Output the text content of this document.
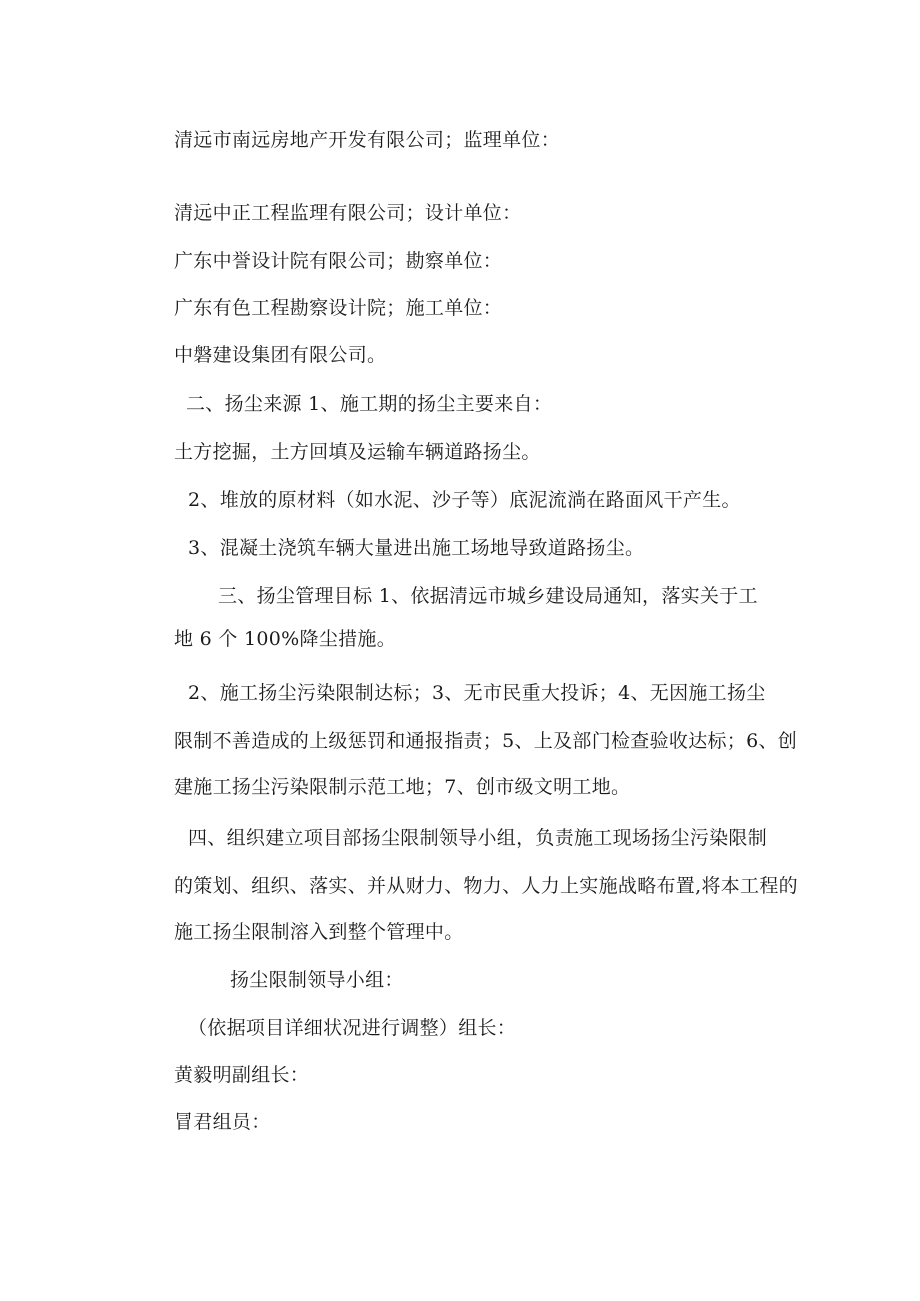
清远市南远房地产开发有限公司；监理单位：

清远中正工程监理有限公司；设计单位：

广东中誉设计院有限公司；勘察单位：

广东有色工程勘察设计院；施工单位：

中磐建设集团有限公司。

二、扬尘来源 1、施工期的扬尘主要来自：

土方挖掘，土方回填及运输车辆道路扬尘。

2、堆放的原材料（如水泥、沙子等）底泥流淌在路面风干产生。

3、混凝土浇筑车辆大量进出施工场地导致道路扬尘。

三、扬尘管理目标 1、依据清远市城乡建设局通知，落实关于工

地 6 个 100%降尘措施。

2、施工扬尘污染限制达标；3、无市民重大投诉；4、无因施工扬尘

限制不善造成的上级惩罚和通报指责；5、上及部门检查验收达标；6、创

建施工扬尘污染限制示范工地；7、创市级文明工地。

四、组织建立项目部扬尘限制领导小组，负责施工现场扬尘污染限制

的策划、组织、落实、并从财力、物力、人力上实施战略布置,将本工程的

施工扬尘限制溶入到整个管理中。

扬尘限制领导小组：

（依据项目详细状况进行调整）组长：

黄毅明副组长：

冒君组员：
